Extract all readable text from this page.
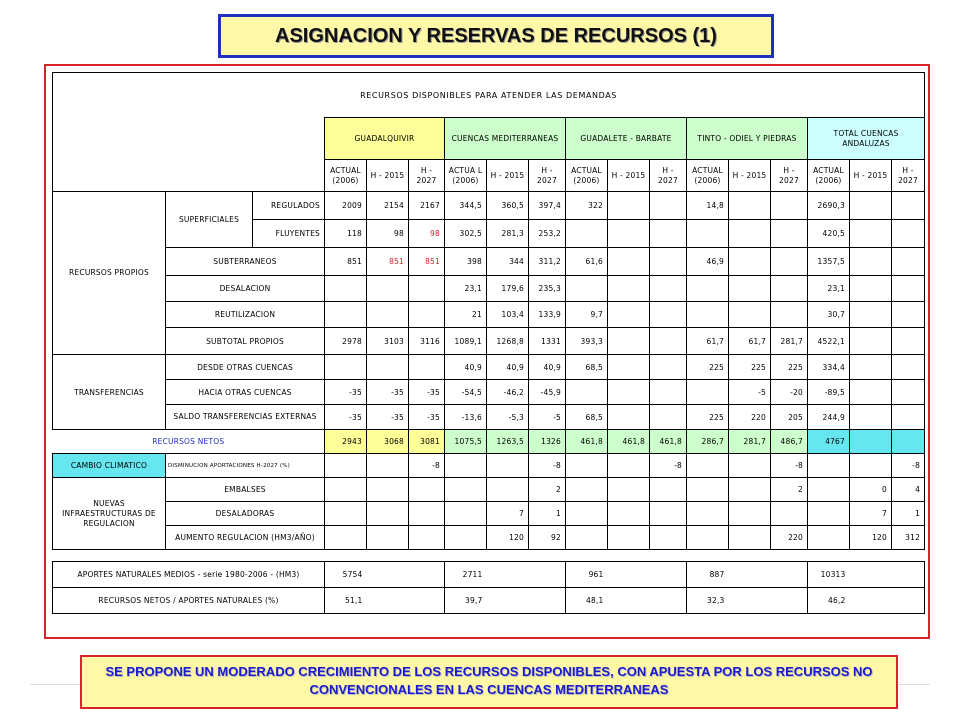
ASIGNACION Y RESERVAS DE RECURSOS (1)
RECURSOS DISPONIBLES PARA ATENDER LAS DEMANDAS																	
			GUADALQUIVIR			CUENCAS MEDITERRANEAS			GUADALETE - BARBATE			TINTO - ODIEL Y PIEDRAS			TOTAL CUENCAS ANDALUZAS		
			ACTUAL (2006)	H - 2015	H - 2027	ACTUA L (2006)	H - 2015	H - 2027	ACTUAL (2006)	H - 2015	H - 2027	ACTUAL (2006)	H - 2015	H - 2027	ACTUAL (2006)	H - 2015	H - 2027
RECURSOS PROPIOS	SUPERFICIALES	REGULADOS	2009	2154	2167	344,5	360,5	397,4	322			14,8			2690,3		
		FLUYENTES	118	98	98	302,5	281,3	253,2							420,5		
	SUBTERRANEOS		851	851	851	398	344	311,2	61,6			46,9			1357,5		
	DESALACION					23,1	179,6	235,3							23,1		
	REUTILIZACION					21	103,4	133,9	9,7						30,7		
	SUBTOTAL PROPIOS		2978	3103	3116	1089,1	1268,8	1331	393,3			61,7	61,7	281,7	4522,1		
TRANSFERENCIAS	DESDE OTRAS CUENCAS					40,9	40,9	40,9	68,5			225	225	225	334,4		
	HACIA OTRAS CUENCAS		-35	-35	-35	-54,5	-46,2	-45,9					-5	-20	-89,5		
	SALDO TRANSFERENCIAS EXTERNAS		-35	-35	-35	-13,6	-5,3	-5	68,5			225	220	205	244,9		
RECURSOS NETOS			2943	3068	3081	1075,5	1263,5	1326	461,8	461,8	461,8	286,7	281,7	486,7	4767		
CAMBIO CLIMATICO	DISMINUCION APORTACIONES H-2027 (%)				-8			-8			-8			-8			-8
NUEVAS INFRAESTRUCTURAS DE REGULACION	EMBALSES							2						2		0	4
	DESALADORAS						7	1								7	1
	AUMENTO REGULACION (HM3/AÑO)						120	92						220		120	312

APORTES NATURALES MEDIOS - serie 1980-2006 - (HM3)			5754			2711			961			887			10313		
RECURSOS NETOS / APORTES NATURALES (%)			51,1			39,7			48,1			32,3			46,2		
SE PROPONE UN MODERADO CRECIMIENTO DE LOS RECURSOS DISPONIBLES, CON APUESTA POR LOS RECURSOS NO CONVENCIONALES EN LAS CUENCAS MEDITERRANEAS
